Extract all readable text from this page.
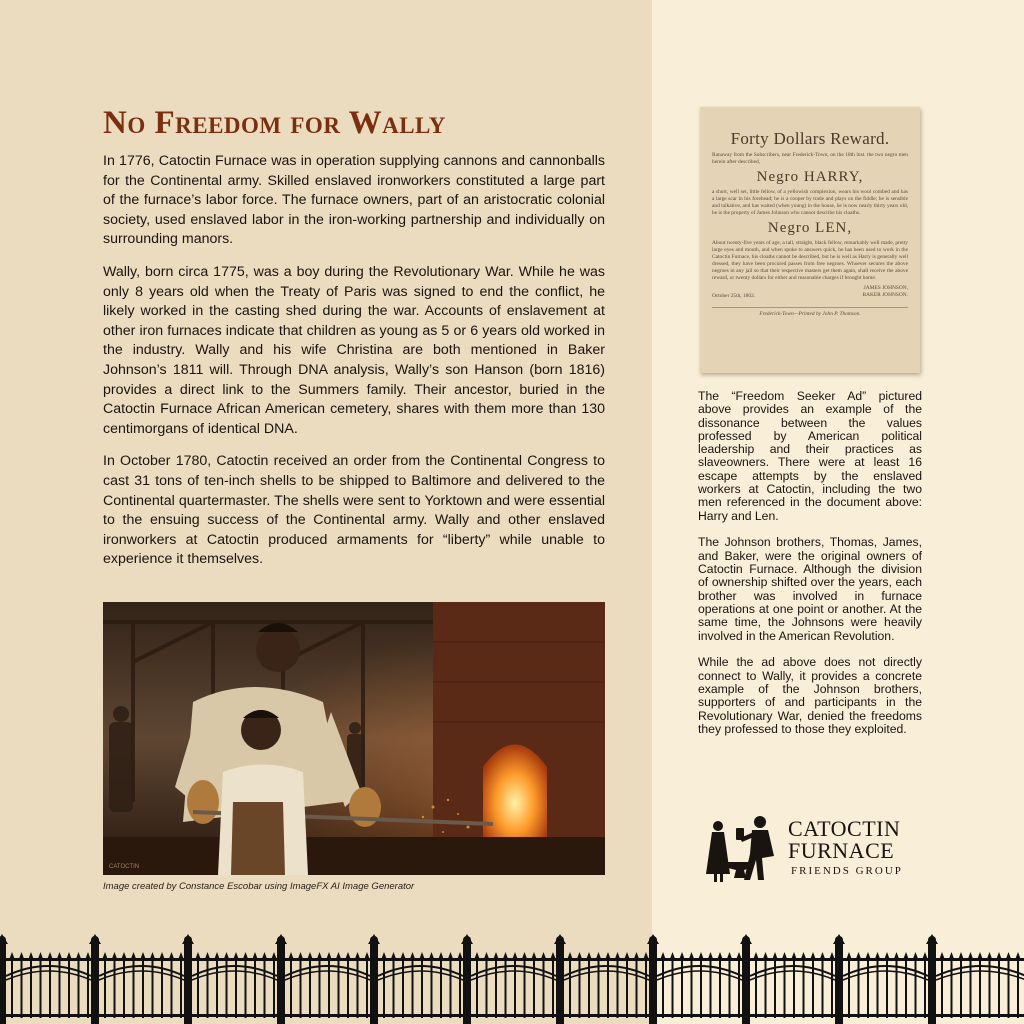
No Freedom for Wally

In 1776, Catoctin Furnace was in operation supplying cannons and cannonballs for the Continental army. Skilled enslaved ironworkers constituted a large part of the furnace’s labor force. The furnace owners, part of an aristocratic colonial society, used enslaved labor in the iron-working partnership and individually on surrounding manors.

Wally, born circa 1775, was a boy during the Revolutionary War. While he was only 8 years old when the Treaty of Paris was signed to end the conflict, he likely worked in the casting shed during the war. Accounts of enslavement at other iron furnaces indicate that children as young as 5 or 6 years old worked in the industry. Wally and his wife Christina are both mentioned in Baker Johnson’s 1811 will. Through DNA analysis, Wally’s son Hanson (born 1816) provides a direct link to the Summers family. Their ancestor, buried in the Catoctin Furnace African American cemetery, shares with them more than 130 centimorgans of identical DNA.

In October 1780, Catoctin received an order from the Continental Congress to cast 31 tons of ten-inch shells to be shipped to Baltimore and delivered to the Continental quartermaster. The shells were sent to Yorktown and were essential to the ensuing success of the Continental army. Wally and other enslaved ironworkers at Catoctin produced armaments for “liberty” while unable to experience it themselves.

CATOCTIN
Image created by Constance Escobar using ImageFX AI Image Generator
Forty Dollars Reward.
Ranaway from the Subscribers, near Frederick-Town, on the 18th inst. the two negro men herein after described,
Negro HARRY,
a short, well set, little fellow, of a yellowish complexion, wears his wool combed and has a large scar in his forehead; he is a cooper by trade and plays on the fiddle; he is sensible and talkative, and has waited (when young) in the house, he is now nearly thirty years old, he is the property of James Johnson who cannot describe his cloaths.
Negro LEN,
About twenty-five years of age, a tall, straight, black fellow, remarkably well made, pretty large eyes and mouth, and when spoke to answers quick, he has been used to work in the Catoctin Furnace, his cloaths cannot be described, but he is well as Harry is generally well dressed, they have been procured passes from free negroes. Whoever secures the above negroes in any jail so that their respective masters get them again, shall receive the above reward, or twenty dollars for either and reasonable charges if brought home.
JAMES JOHNSON,
BAKER JOHNSON.
October 25th, 1802.
Frederick-Town—Printed by John P. Thomson.

The “Freedom Seeker Ad” pictured above provides an example of the dissonance between the values professed by American political leadership and their practices as slaveowners. There were at least 16 escape attempts by the enslaved workers at Catoctin, including the two men referenced in the document above: Harry and Len.

The Johnson brothers, Thomas, James, and Baker, were the original owners of Catoctin Furnace. Although the division of ownership shifted over the years, each brother was involved in furnace operations at one point or another. At the same time, the Johnsons were heavily involved in the American Revolution.

While the ad above does not directly connect to Wally, it provides a concrete example of the Johnson brothers, supporters of and participants in the Revolutionary War, denied the freedoms they professed to those they exploited.

CATOCTIN
FURNACE
FRIENDS GROUP
